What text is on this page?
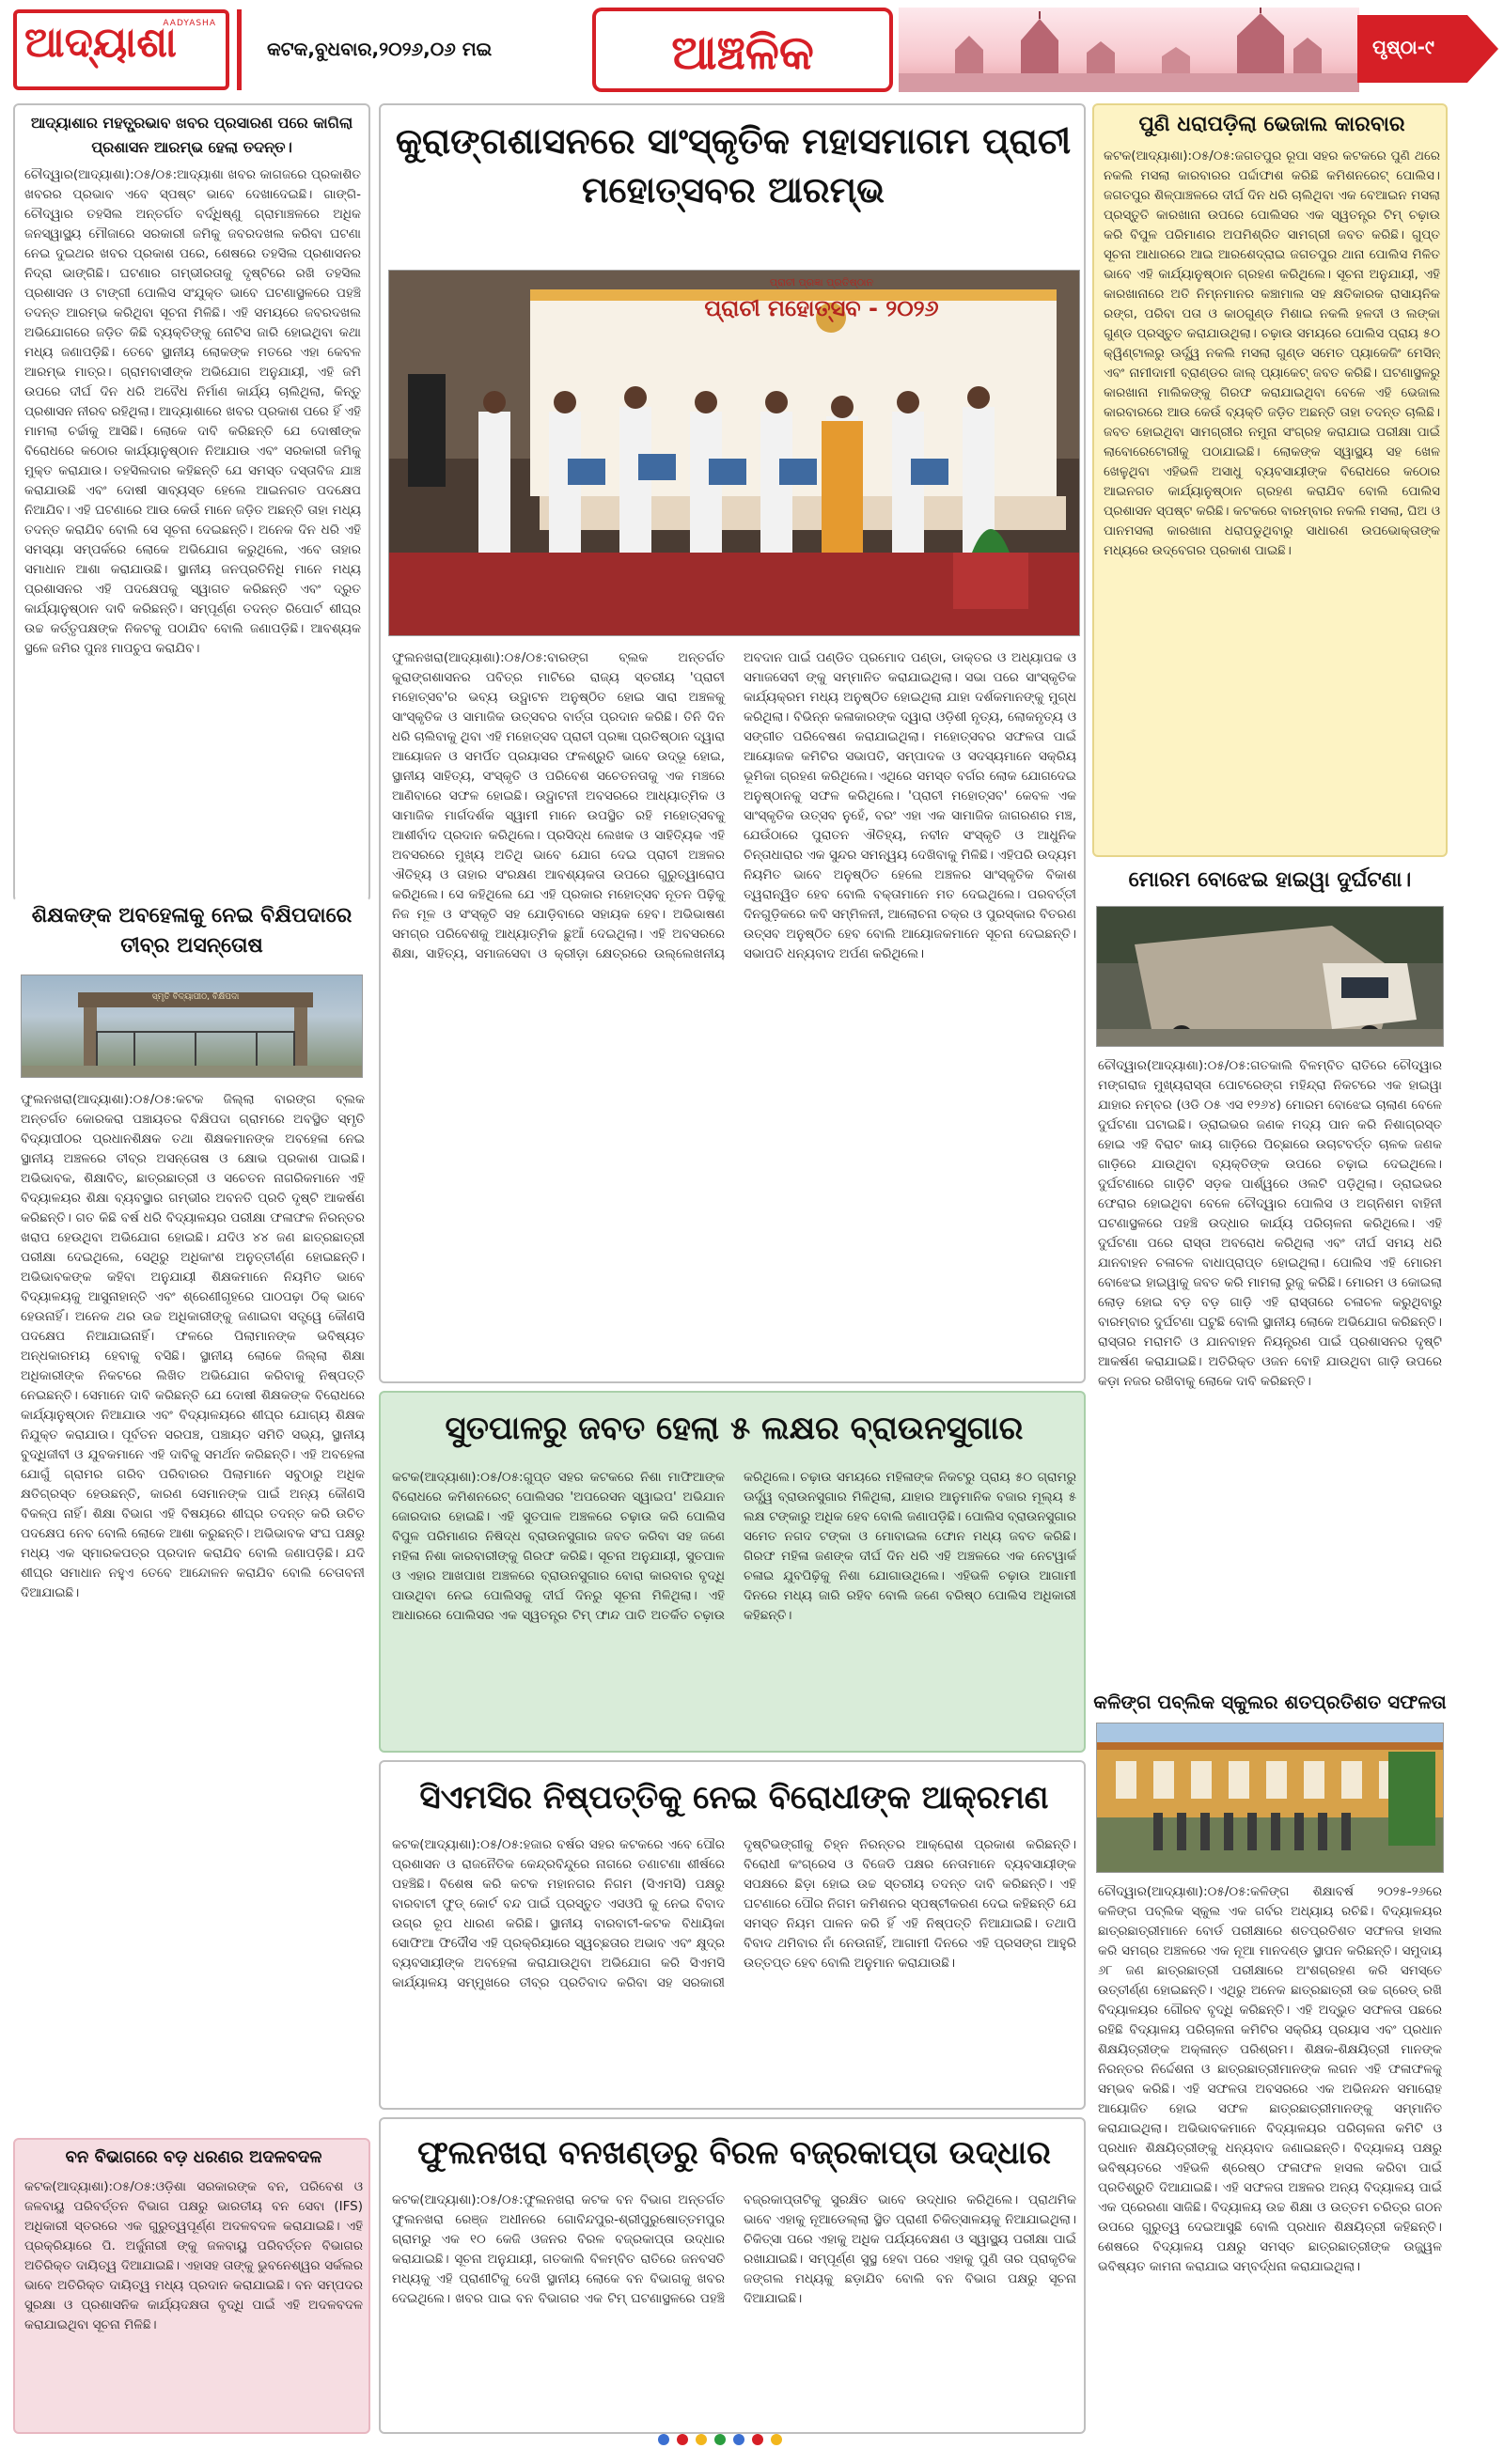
ଆଦ୍ୟାଶା
AADYASHA
କଟକ,ବୁଧବାର,୨୦୨୬,୦୬ ମଇ	ଆଞ୍ଚଳିକ	ପୃଷ୍ଠା-୯
ଆଦ୍ୟାଶାର ମହତ୍ପ୍ରଭାବ ଖବର ପ୍ରସାରଣ ପରେ କାଗିଲା ପ୍ରଶାସନ ଆରମ୍ଭ ହେଲା ତଦନ୍ତ।
ଚୌଦ୍ୱାର(ଆଦ୍ୟାଶା):୦୫/୦୫:ଆଦ୍ୟାଶା ଖବର କାଗଜରେ ପ୍ରକାଶିତ ଖବରର ପ୍ରଭାବ ଏବେ ସ୍ପଷ୍ଟ ଭାବେ ଦେଖାଦେଇଛି। ଗାଙ୍ଗି-ଚୌଦ୍ୱାର ତହସିଲ ଅନ୍ତର୍ଗତ ବର୍ଦ୍ଧିଷ୍ଣୁ ଗ୍ରାମାଞ୍ଚଳରେ ଅଧିକ ଜନସ୍ୱାସ୍ଥ୍ୟ ମୌଜାରେ ସରକାରୀ ଜମିକୁ ଜବରଦଖଲ କରିବା ଘଟଣା ନେଇ ଦୁଇଥର ଖବର ପ୍ରକାଶ ପରେ, ଶେଷରେ ତହସିଲ ପ୍ରଶାସନର ନିଦ୍ରା ଭାଙ୍ଗିଛି। ଘଟଣାର ଗମ୍ଭୀରତାକୁ ଦୃଷ୍ଟିରେ ରଖି ତହସିଲ ପ୍ରଶାସନ ଓ ଟାଙ୍ଗୀ ପୋଲିସ ସଂଯୁକ୍ତ ଭାବେ ଘଟଣାସ୍ଥଳରେ ପହଞ୍ଚି ତଦନ୍ତ ଆରମ୍ଭ କରିଥିବା ସୂଚନା ମିଳିଛି। ଏହି ସମୟରେ ଜବରଦଖଲ ଅଭିଯୋଗରେ ଜଡ଼ିତ କିଛି ବ୍ୟକ୍ତିଙ୍କୁ ନୋଟିସ ଜାରି ହୋଇଥିବା କଥା ମଧ୍ୟ ଜଣାପଡ଼ିଛି। ତେବେ ସ୍ଥାନୀୟ ଲୋକଙ୍କ ମତରେ ଏହା କେବଳ ଆରମ୍ଭ ମାତ୍ର। ଗ୍ରାମବାସୀଙ୍କ ଅଭିଯୋଗ ଅନୁଯାୟୀ, ଏହି ଜମି ଉପରେ ଦୀର୍ଘ ଦିନ ଧରି ଅବୈଧ ନିର୍ମାଣ କାର୍ଯ୍ୟ ଚାଲିଥିଲା, କିନ୍ତୁ ପ୍ରଶାସନ ନୀରବ ରହିଥିଲା। ଆଦ୍ୟାଶାରେ ଖବର ପ୍ରକାଶ ପରେ ହିଁ ଏହି ମାମଲା ଚର୍ଚ୍ଚାକୁ ଆସିଛି। ଲୋକେ ଦାବି କରିଛନ୍ତି ଯେ ଦୋଷୀଙ୍କ ବିରୋଧରେ କଠୋର କାର୍ଯ୍ୟାନୁଷ୍ଠାନ ନିଆଯାଉ ଏବଂ ସରକାରୀ ଜମିକୁ ମୁକ୍ତ କରାଯାଉ। ତହସିଲଦାର କହିଛନ୍ତି ଯେ ସମସ୍ତ ଦସ୍ତାବିଜ ଯାଞ୍ଚ କରାଯାଉଛି ଏବଂ ଦୋଷୀ ସାବ୍ୟସ୍ତ ହେଲେ ଆଇନଗତ ପଦକ୍ଷେପ ନିଆଯିବ। ଏହି ଘଟଣାରେ ଆଉ କେଉଁ ମାନେ ଜଡ଼ିତ ଅଛନ୍ତି ତାହା ମଧ୍ୟ ତଦନ୍ତ କରାଯିବ ବୋଲି ସେ ସୂଚନା ଦେଇଛନ୍ତି। ଅନେକ ଦିନ ଧରି ଏହି ସମସ୍ୟା ସମ୍ପର୍କରେ ଲୋକେ ଅଭିଯୋଗ କରୁଥିଲେ, ଏବେ ତାହାର ସମାଧାନ ଆଶା କରାଯାଉଛି। ସ୍ଥାନୀୟ ଜନପ୍ରତିନିଧି ମାନେ ମଧ୍ୟ ପ୍ରଶାସନର ଏହି ପଦକ୍ଷେପକୁ ସ୍ୱାଗତ କରିଛନ୍ତି ଏବଂ ଦ୍ରୁତ କାର୍ଯ୍ୟାନୁଷ୍ଠାନ ଦାବି କରିଛନ୍ତି। ସମ୍ପୂର୍ଣ୍ଣ ତଦନ୍ତ ରିପୋର୍ଟ ଶୀଘ୍ର ଉଚ୍ଚ କର୍ତ୍ତୃପକ୍ଷଙ୍କ ନିକଟକୁ ପଠାଯିବ ବୋଲି ଜଣାପଡ଼ିଛି। ଆବଶ୍ୟକ ସ୍ଥଳେ ଜମିର ପୁନଃ ମାପଚୁପ କରାଯିବ।
ଶିକ୍ଷକଙ୍କ ଅବହେଳାକୁ ନେଇ ବିକ୍ଷିପଦାରେ ତୀବ୍ର ଅସନ୍ତୋଷ
ସ୍ମୃତି ବିଦ୍ୟାପୀଠ, ବିକ୍ଷିପଦା
ଫୁଲନଖରା(ଆଦ୍ୟାଶା):୦୫/୦୫:କଟକ ଜିଲ୍ଲା ବାରଙ୍ଗ ବ୍ଲକ ଅନ୍ତର୍ଗତ କୋରକରା ପଞ୍ଚାୟତର ବିକ୍ଷିପଦା ଗ୍ରାମରେ ଅବସ୍ଥିତ ସ୍ମୃତି ବିଦ୍ୟାପୀଠର ପ୍ରଧାନଶିକ୍ଷକ ତଥା ଶିକ୍ଷକମାନଙ୍କ ଅବହେଳା ନେଇ ସ୍ଥାନୀୟ ଅଞ୍ଚଳରେ ତୀବ୍ର ଅସନ୍ତୋଷ ଓ କ୍ଷୋଭ ପ୍ରକାଶ ପାଇଛି। ଅଭିଭାବକ, ଶିକ୍ଷାବିତ୍, ଛାତ୍ରଛାତ୍ରୀ ଓ ସଚେତନ ନାଗରିକମାନେ ଏହି ବିଦ୍ୟାଳୟର ଶିକ୍ଷା ବ୍ୟବସ୍ଥାର ଗମ୍ଭୀର ଅବନତି ପ୍ରତି ଦୃଷ୍ଟି ଆକର୍ଷଣ କରିଛନ୍ତି। ଗତ କିଛି ବର୍ଷ ଧରି ବିଦ୍ୟାଳୟର ପରୀକ୍ଷା ଫଳାଫଳ ନିରନ୍ତର ଖରାପ ହେଉଥିବା ଅଭିଯୋଗ ହୋଇଛି। ଯଦିଓ ୪୪ ଜଣ ଛାତ୍ରଛାତ୍ରୀ ପରୀକ୍ଷା ଦେଇଥିଲେ, ସେଥିରୁ ଅଧିକାଂଶ ଅନୁତ୍ତୀର୍ଣ୍ଣ ହୋଇଛନ୍ତି। ଅଭିଭାବକଙ୍କ କହିବା ଅନୁଯାୟୀ ଶିକ୍ଷକମାନେ ନିୟମିତ ଭାବେ ବିଦ୍ୟାଳୟକୁ ଆସୁନାହାନ୍ତି ଏବଂ ଶ୍ରେଣୀଗୃହରେ ପାଠପଢ଼ା ଠିକ୍ ଭାବେ ହେଉନାହିଁ। ଅନେକ ଥର ଉଚ୍ଚ ଅଧିକାରୀଙ୍କୁ ଜଣାଇବା ସତ୍ତ୍ୱେ କୌଣସି ପଦକ୍ଷେପ ନିଆଯାଇନାହିଁ। ଫଳରେ ପିଲାମାନଙ୍କ ଭବିଷ୍ୟତ ଅନ୍ଧକାରମୟ ହେବାକୁ ବସିଛି। ସ୍ଥାନୀୟ ଲୋକେ ଜିଲ୍ଲା ଶିକ୍ଷା ଅଧିକାରୀଙ୍କ ନିକଟରେ ଲିଖିତ ଅଭିଯୋଗ କରିବାକୁ ନିଷ୍ପତ୍ତି ନେଇଛନ୍ତି। ସେମାନେ ଦାବି କରିଛନ୍ତି ଯେ ଦୋଷୀ ଶିକ୍ଷକଙ୍କ ବିରୋଧରେ କାର୍ଯ୍ୟାନୁଷ୍ଠାନ ନିଆଯାଉ ଏବଂ ବିଦ୍ୟାଳୟରେ ଶୀଘ୍ର ଯୋଗ୍ୟ ଶିକ୍ଷକ ନିଯୁକ୍ତ କରାଯାଉ। ପୂର୍ବତନ ସରପଞ୍ଚ, ପଞ୍ଚାୟତ ସମିତି ସଭ୍ୟ, ସ୍ଥାନୀୟ ବୁଦ୍ଧିଜୀବୀ ଓ ଯୁବକମାନେ ଏହି ଦାବିକୁ ସମର୍ଥନ କରିଛନ୍ତି। ଏହି ଅବହେଳା ଯୋଗୁଁ ଗ୍ରାମର ଗରିବ ପରିବାରର ପିଲାମାନେ ସବୁଠାରୁ ଅଧିକ କ୍ଷତିଗ୍ରସ୍ତ ହେଉଛନ୍ତି, କାରଣ ସେମାନଙ୍କ ପାଇଁ ଅନ୍ୟ କୌଣସି ବିକଳ୍ପ ନାହିଁ। ଶିକ୍ଷା ବିଭାଗ ଏହି ବିଷୟରେ ଶୀଘ୍ର ତଦନ୍ତ କରି ଉଚିତ ପଦକ୍ଷେପ ନେବ ବୋଲି ଲୋକେ ଆଶା କରୁଛନ୍ତି। ଅଭିଭାବକ ସଂଘ ପକ୍ଷରୁ ମଧ୍ୟ ଏକ ସ୍ମାରକପତ୍ର ପ୍ରଦାନ କରାଯିବ ବୋଲି ଜଣାପଡ଼ିଛି। ଯଦି ଶୀଘ୍ର ସମାଧାନ ନହୁଏ ତେବେ ଆନ୍ଦୋଳନ କରାଯିବ ବୋଲି ଚେତାବନୀ ଦିଆଯାଇଛି।
ବନ ବିଭାଗରେ ବଡ଼ ଧରଣର ଅଦଳବଦଳ
କଟକ(ଆଦ୍ୟାଶା):୦୫/୦୫:ଓଡ଼ିଶା ସରକାରଙ୍କ ବନ, ପରିବେଶ ଓ ଜଳବାୟୁ ପରିବର୍ତ୍ତନ ବିଭାଗ ପକ୍ଷରୁ ଭାରତୀୟ ବନ ସେବା (IFS) ଅଧିକାରୀ ସ୍ତରରେ ଏକ ଗୁରୁତ୍ୱପୂର୍ଣ୍ଣ ଅଦଳବଦଳ କରାଯାଇଛି। ଏହି ପ୍ରକ୍ରିୟାରେ ପି. ଅର୍ଜୁନାରୀ ଙ୍କୁ ଜଳବାୟୁ ପରିବର୍ତ୍ତନ ବିଭାଗର ଅତିରିକ୍ତ ଦାୟିତ୍ୱ ଦିଆଯାଇଛି। ଏହାସହ ତାଙ୍କୁ ଭୁବନେଶ୍ୱର ସର୍କଲର ଭାବେ ଅତିରିକ୍ତ ଦାୟିତ୍ୱ ମଧ୍ୟ ପ୍ରଦାନ କରାଯାଇଛି। ବନ ସମ୍ପଦର ସୁରକ୍ଷା ଓ ପ୍ରଶାସନିକ କାର୍ଯ୍ୟଦକ୍ଷତା ବୃଦ୍ଧି ପାଇଁ ଏହି ଅଦଳବଦଳ କରାଯାଇଥିବା ସୂଚନା ମିଳିଛି।
କୁରାଙ୍ଗଶାସନରେ ସାଂସ୍କୃତିକ ମହାସମାଗମ ପ୍ରାଚୀ ମହୋତ୍ସବର ଆରମ୍ଭ
ପ୍ରାଚୀ ମହୋତ୍ସବ - ୨୦୨୬
ପ୍ରାଚୀ ପ୍ରଜ୍ଞା ପ୍ରତିଷ୍ଠାନ
ଫୁଲନଖରା(ଆଦ୍ୟାଶା):୦୫/୦୫:ବାରଙ୍ଗ ବ୍ଲକ ଅନ୍ତର୍ଗତ କୁରାଙ୍ଗଶାସନର ପବିତ୍ର ମାଟିରେ ରାଜ୍ୟ ସ୍ତରୀୟ 'ପ୍ରାଚୀ ମହୋତ୍ସବ'ର ଭବ୍ୟ ଉଦ୍ଘାଟନ ଅନୁଷ୍ଠିତ ହୋଇ ସାରା ଅଞ୍ଚଳକୁ ସାଂସ୍କୃତିକ ଓ ସାମାଜିକ ଉତ୍ସବର ବାର୍ତ୍ତା ପ୍ରଦାନ କରିଛି। ତିନି ଦିନ ଧରି ଚାଲିବାକୁ ଥିବା ଏହି ମହୋତ୍ସବ ପ୍ରାଚୀ ପ୍ରଜ୍ଞା ପ୍ରତିଷ୍ଠାନ ଦ୍ୱାରା ଆୟୋଜନ ଓ ସମର୍ପିତ ପ୍ରୟାସର ଫଳଶ୍ରୁତି ଭାବେ ଉଦ୍ଭୂ ହୋଇ, ସ୍ଥାନୀୟ ସାହିତ୍ୟ, ସଂସ୍କୃତି ଓ ପରିବେଶ ସଚେତନତାକୁ ଏକ ମଞ୍ଚରେ ଆଣିବାରେ ସଫଳ ହୋଇଛି। ଉଦ୍ଘାଟନୀ ଅବସରରେ ଆଧ୍ୟାତ୍ମିକ ଓ ସାମାଜିକ ମାର୍ଗଦର୍ଶକ ସ୍ୱାମୀ ମାନେ ଉପସ୍ଥିତ ରହି ମହୋତ୍ସବକୁ ଆଶୀର୍ବାଦ ପ୍ରଦାନ କରିଥିଲେ। ପ୍ରସିଦ୍ଧ ଲେଖକ ଓ ସାହିତ୍ୟିକ ଏହି ଅବସରରେ ମୁଖ୍ୟ ଅତିଥି ଭାବେ ଯୋଗ ଦେଇ ପ୍ରାଚୀ ଅଞ୍ଚଳର ଐତିହ୍ୟ ଓ ତାହାର ସଂରକ୍ଷଣ ଆବଶ୍ୟକତା ଉପରେ ଗୁରୁତ୍ୱାରୋପ କରିଥିଲେ। ସେ କହିଥିଲେ ଯେ ଏହି ପ୍ରକାର ମହୋତ୍ସବ ନୂତନ ପିଢ଼ିକୁ ନିଜ ମୂଳ ଓ ସଂସ୍କୃତି ସହ ଯୋଡ଼ିବାରେ ସହାୟକ ହେବ। ଅଭିଭାଷଣ ସମଗ୍ର ପରିବେଶକୁ ଆଧ୍ୟାତ୍ମିକ ଛୁଆଁ ଦେଇଥିଲା। ଏହି ଅବସରରେ ଶିକ୍ଷା, ସାହିତ୍ୟ, ସମାଜସେବା ଓ କ୍ରୀଡ଼ା କ୍ଷେତ୍ରରେ ଉଲ୍ଲେଖନୀୟ ଅବଦାନ ପାଇଁ ପଣ୍ଡିତ ପ୍ରମୋଦ ପଣ୍ଡା, ଡାକ୍ତର ଓ ଅଧ୍ୟାପକ ଓ ସମାଜସେବୀ ଙ୍କୁ ସମ୍ମାନିତ କରାଯାଇଥିଲା। ସଭା ପରେ ସାଂସ୍କୃତିକ କାର୍ଯ୍ୟକ୍ରମ ମଧ୍ୟ ଅନୁଷ୍ଠିତ ହୋଇଥିଲା ଯାହା ଦର୍ଶକମାନଙ୍କୁ ମୁଗ୍ଧ କରିଥିଲା। ବିଭିନ୍ନ କଳାକାରଙ୍କ ଦ୍ୱାରା ଓଡ଼ିଶୀ ନୃତ୍ୟ, ଲୋକନୃତ୍ୟ ଓ ସଙ୍ଗୀତ ପରିବେଷଣ କରାଯାଇଥିଲା। ମହୋତ୍ସବର ସଫଳତା ପାଇଁ ଆୟୋଜକ କମିଟିର ସଭାପତି, ସମ୍ପାଦକ ଓ ସଦସ୍ୟମାନେ ସକ୍ରିୟ ଭୂମିକା ଗ୍ରହଣ କରିଥିଲେ। ଏଥିରେ ସମସ୍ତ ବର୍ଗର ଲୋକ ଯୋଗଦେଇ ଅନୁଷ୍ଠାନକୁ ସଫଳ କରିଥିଲେ। 'ପ୍ରାଚୀ ମହୋତ୍ସବ' କେବଳ ଏକ ସାଂସ୍କୃତିକ ଉତ୍ସବ ନୁହେଁ, ବରଂ ଏହା ଏକ ସାମାଜିକ ଜାଗରଣର ମଞ୍ଚ, ଯେଉଁଠାରେ ପୁରାତନ ଐତିହ୍ୟ, ନବୀନ ସଂସ୍କୃତି ଓ ଆଧୁନିକ ଚିନ୍ତାଧାରାର ଏକ ସୁନ୍ଦର ସମନ୍ୱୟ ଦେଖିବାକୁ ମିଳିଛି। ଏହିପରି ଉଦ୍ୟମ ନିୟମିତ ଭାବେ ଅନୁଷ୍ଠିତ ହେଲେ ଅଞ୍ଚଳର ସାଂସ୍କୃତିକ ବିକାଶ ତ୍ୱରାନ୍ୱିତ ହେବ ବୋଲି ବକ୍ତାମାନେ ମତ ଦେଇଥିଲେ। ପରବର୍ତ୍ତୀ ଦିନଗୁଡ଼ିକରେ କବି ସମ୍ମିଳନୀ, ଆଲୋଚନା ଚକ୍ର ଓ ପୁରସ୍କାର ବିତରଣ ଉତ୍ସବ ଅନୁଷ୍ଠିତ ହେବ ବୋଲି ଆୟୋଜକମାନେ ସୂଚନା ଦେଇଛନ୍ତି। ସଭାପତି ଧନ୍ୟବାଦ ଅର୍ପଣ କରିଥିଲେ।
ସୁତପାଳରୁ ଜବତ ହେଲା ୫ ଲକ୍ଷର ବ୍ରାଉନସୁଗାର
କଟକ(ଆଦ୍ୟାଶା):୦୫/୦୫:ଗୁପ୍ତ ସହର କଟକରେ ନିଶା ମାଫିଆଙ୍କ ବିରୋଧରେ କମିଶନରେଟ୍ ପୋଲିସର 'ଅପରେସନ ସ୍ୱାଇପ' ଅଭିଯାନ ଜୋରଦାର ହୋଇଛି। ଏହି ସୁତପାଳ ଅଞ୍ଚଳରେ ଚଢ଼ାଉ କରି ପୋଲିସ ବିପୁଳ ପରିମାଣର ନିଷିଦ୍ଧ ବ୍ରାଉନସୁଗାର ଜବତ କରିବା ସହ ଜଣେ ମହିଳା ନିଶା କାରବାରୀଙ୍କୁ ଗିରଫ କରିଛି। ସୂଚନା ଅନୁଯାୟୀ, ସୁତପାଳ ଓ ଏହାର ଆଖପାଖ ଅଞ୍ଚଳରେ ବ୍ରାଉନସୁଗାର ବୋରା କାରବାର ବୃଦ୍ଧି ପାଉଥିବା ନେଇ ପୋଲିସକୁ ଦୀର୍ଘ ଦିନରୁ ସୂଚନା ମିଳିଥିଲା। ଏହି ଆଧାରରେ ପୋଲିସର ଏକ ସ୍ୱତନ୍ତ୍ର ଟିମ୍ ଫାନ୍ଦ ପାତି ଅତର୍କିତ ଚଢ଼ାଉ କରିଥିଲେ। ଚଢ଼ାଉ ସମୟରେ ମହିଳାଙ୍କ ନିକଟରୁ ପ୍ରାୟ ୫୦ ଗ୍ରାମରୁ ଊର୍ଦ୍ଧ୍ୱ ବ୍ରାଉନସୁଗାର ମିଳିଥିଲା, ଯାହାର ଆନୁମାନିକ ବଜାର ମୂଲ୍ୟ ୫ ଲକ୍ଷ ଟଙ୍କାରୁ ଅଧିକ ହେବ ବୋଲି ଜଣାପଡ଼ିଛି। ପୋଲିସ ବ୍ରାଉନସୁଗାର ସମେତ ନଗଦ ଟଙ୍କା ଓ ମୋବାଇଲ ଫୋନ ମଧ୍ୟ ଜବତ କରିଛି। ଗିରଫ ମହିଳା ଜଣଙ୍କ ଦୀର୍ଘ ଦିନ ଧରି ଏହି ଅଞ୍ଚଳରେ ଏକ ନେଟୱାର୍କ ଚଳାଇ ଯୁବପିଢ଼ିକୁ ନିଶା ଯୋଗାଉଥିଲେ। ଏହିଭଳି ଚଢ଼ାଉ ଆଗାମୀ ଦିନରେ ମଧ୍ୟ ଜାରି ରହିବ ବୋଲି ଜଣେ ବରିଷ୍ଠ ପୋଲିସ ଅଧିକାରୀ କହିଛନ୍ତି।
ସିଏମସିର ନିଷ୍ପତ୍ତିକୁ ନେଇ ବିରୋଧୀଙ୍କ ଆକ୍ରମଣ
କଟକ(ଆଦ୍ୟାଶା):୦୫/୦୫:ହଜାର ବର୍ଷର ସହର କଟକରେ ଏବେ ପୌର ପ୍ରଶାସନ ଓ ରାଜନୈତିକ କେନ୍ଦ୍ରବିନ୍ଦୁରେ ନାଗରେ ତଣାଟଣା ଶୀର୍ଷରେ ପହଞ୍ଚିଛି। ବିଶେଷ କରି କଟକ ମହାନଗର ନିଗମ (ସିଏମସି) ପକ୍ଷରୁ ବାରବାଟୀ ଫୁଡ୍ କୋର୍ଟ ବନ୍ଦ ପାଇଁ ପ୍ରସ୍ତୁତ ଏସଓପି କୁ ନେଇ ବିବାଦ ଉଗ୍ର ରୂପ ଧାରଣ କରିଛି। ସ୍ଥାନୀୟ ବାରବାଟୀ-କଟକ ବିଧାୟିକା ସୋଫିଆ ଫିର୍ଦୌସ ଏହି ପ୍ରକ୍ରିୟାରେ ସ୍ୱଚ୍ଛତାର ଅଭାବ ଏବଂ କ୍ଷୁଦ୍ର ବ୍ୟବସାୟୀଙ୍କ ଅବହେଳା କରାଯାଉଥିବା ଅଭିଯୋଗ କରି ସିଏମସି କାର୍ଯ୍ୟାଳୟ ସମ୍ମୁଖରେ ତୀବ୍ର ପ୍ରତିବାଦ କରିବା ସହ ସରକାରୀ ଦୃଷ୍ଟିଭଙ୍ଗୀକୁ ଚିହ୍ନ ନିରନ୍ତର ଆକ୍ରୋଶ ପ୍ରକାଶ କରିଛନ୍ତି। ବିରୋଧୀ କଂଗ୍ରେସ ଓ ବିଜେଡି ପକ୍ଷର ନେତାମାନେ ବ୍ୟବସାୟୀଙ୍କ ସପକ୍ଷରେ ଛିଡ଼ା ହୋଇ ଉଚ୍ଚ ସ୍ତରୀୟ ତଦନ୍ତ ଦାବି କରିଛନ୍ତି। ଏହି ଘଟଣାରେ ପୌର ନିଗମ କମିଶନର ସ୍ପଷ୍ଟୀକରଣ ଦେଇ କହିଛନ୍ତି ଯେ ସମସ୍ତ ନିୟମ ପାଳନ କରି ହିଁ ଏହି ନିଷ୍ପତ୍ତି ନିଆଯାଇଛି। ତଥାପି ବିବାଦ ଥମିବାର ନାଁ ନେଉନାହିଁ, ଆଗାମୀ ଦିନରେ ଏହି ପ୍ରସଙ୍ଗ ଆହୁରି ଉତ୍ତପ୍ତ ହେବ ବୋଲି ଅନୁମାନ କରାଯାଉଛି।
ଫୁଲନଖରା ବନଖଣ୍ଡରୁ ବିରଳ ବଜ୍ରକାପ୍ତା ଉଦ୍ଧାର
କଟକ(ଆଦ୍ୟାଶା):୦୫/୦୫:ଫୁଲନଖରା କଟକ ବନ ବିଭାଗ ଅନ୍ତର୍ଗତ ଫୁଲନଖରା ରେଞ୍ଜ ଅଧୀନରେ ଗୋବିନ୍ଦପୁର-ଶ୍ରୀପୁରୁଷୋତ୍ତମପୁର ଗ୍ରାମରୁ ଏକ ୧୦ କେଜି ଓଜନର ବିରଳ ବଜ୍ରକାପ୍ତା ଉଦ୍ଧାର କରାଯାଇଛି। ସୂଚନା ଅନୁଯାୟୀ, ଗତକାଲି ବିଳମ୍ବିତ ରାତିରେ ଜନବସତି ମଧ୍ୟକୁ ଏହି ପ୍ରାଣୀଟିକୁ ଦେଖି ସ୍ଥାନୀୟ ଲୋକେ ବନ ବିଭାଗକୁ ଖବର ଦେଇଥିଲେ। ଖବର ପାଇ ବନ ବିଭାଗର ଏକ ଟିମ୍ ଘଟଣାସ୍ଥଳରେ ପହଞ୍ଚି ବଜ୍ରକାପ୍ତାଟିକୁ ସୁରକ୍ଷିତ ଭାବେ ଉଦ୍ଧାର କରିଥିଲେ। ପ୍ରାଥମିକ ଭାବେ ଏହାକୁ ନୂଆଡେଲ୍ଲା ସ୍ଥିତ ପ୍ରାଣୀ ଚିକିତ୍ସାଳୟକୁ ନିଆଯାଇଥିଲା। ଚିକିତ୍ସା ପରେ ଏହାକୁ ଅଧିକ ପର୍ଯ୍ୟବେକ୍ଷଣ ଓ ସ୍ୱାସ୍ଥ୍ୟ ପରୀକ୍ଷା ପାଇଁ ରଖାଯାଇଛି। ସମ୍ପୂର୍ଣ୍ଣ ସୁସ୍ଥ ହେବା ପରେ ଏହାକୁ ପୁଣି ତାର ପ୍ରାକୃତିକ ଜଙ୍ଗଲ ମଧ୍ୟକୁ ଛଡ଼ାଯିବ ବୋଲି ବନ ବିଭାଗ ପକ୍ଷରୁ ସୂଚନା ଦିଆଯାଇଛି।
ପୁଣି ଧରାପଡ଼ିଲା ଭେଜାଲ କାରବାର
କଟକ(ଆଦ୍ୟାଶା):୦୫/୦୫:ଜଗତପୁର ରୂପା ସହର କଟକରେ ପୁଣି ଥରେ ନକଲି ମସଲା କାରବାରର ପର୍ଦ୍ଦାଫାଶ କରିଛି କମିଶନରେଟ୍ ପୋଲିସ। ଜଗତପୁର ଶିଳ୍ପାଞ୍ଚଳରେ ଦୀର୍ଘ ଦିନ ଧରି ଚାଲିଥିବା ଏକ ବେଆଇନ ମସଲା ପ୍ରସ୍ତୁତି କାରଖାନା ଉପରେ ପୋଲିସର ଏକ ସ୍ୱତନ୍ତ୍ର ଟିମ୍ ଚଢ଼ାଉ କରି ବିପୁଳ ପରିମାଣର ଅପମିଶ୍ରିତ ସାମଗ୍ରୀ ଜବତ କରିଛି। ଗୁପ୍ତ ସୂଚନା ଆଧାରରେ ଆଇ ଆରଶେଦ୍ରାଇ ଜଗତପୁର ଥାନା ପୋଲିସ ମିଳିତ ଭାବେ ଏହି କାର୍ଯ୍ୟାନୁଷ୍ଠାନ ଗ୍ରହଣ କରିଥିଲେ। ସୂଚନା ଅନୁଯାୟୀ, ଏହି କାରଖାନାରେ ଅତି ନିମ୍ନମାନର କଞ୍ଚାମାଲ ସହ କ୍ଷତିକାରକ ରାସାୟନିକ ରଙ୍ଗ, ପରିବା ପତା ଓ କାଠଗୁଣ୍ଡ ମିଶାଇ ନକଲି ହଳଦୀ ଓ ଲଙ୍କା ଗୁଣ୍ଡ ପ୍ରସ୍ତୁତ କରାଯାଉଥିଲା। ଚଢ଼ାଉ ସମୟରେ ପୋଲିସ ପ୍ରାୟ ୫୦ କ୍ୱିଣ୍ଟାଲରୁ ଊର୍ଦ୍ଧ୍ୱ ନକଲି ମସଲା ଗୁଣ୍ଡ ସମେତ ପ୍ୟାକେଜିଂ ମେସିନ୍ ଏବଂ ନାମୀଦାମୀ ବ୍ରାଣ୍ଡର ଜାଲ୍ ପ୍ୟାକେଟ୍ ଜବତ କରିଛି। ଘଟଣାସ୍ଥଳରୁ କାରଖାନା ମାଲିକଙ୍କୁ ଗିରଫ କରାଯାଇଥିବା ବେଳେ ଏହି ଭେଜାଲ କାରବାରରେ ଆଉ କେଉଁ ବ୍ୟକ୍ତି ଜଡ଼ିତ ଅଛନ୍ତି ତାହା ତଦନ୍ତ ଚାଲିଛି। ଜବତ ହୋଇଥିବା ସାମଗ୍ରୀର ନମୁନା ସଂଗ୍ରହ କରାଯାଇ ପରୀକ୍ଷା ପାଇଁ ଲାବୋରେଟୋରୀକୁ ପଠାଯାଇଛି। ଲୋକଙ୍କ ସ୍ୱାସ୍ଥ୍ୟ ସହ ଖେଳ ଖେଳୁଥିବା ଏହିଭଳି ଅସାଧୁ ବ୍ୟବସାୟୀଙ୍କ ବିରୋଧରେ କଠୋର ଆଇନଗତ କାର୍ଯ୍ୟାନୁଷ୍ଠାନ ଗ୍ରହଣ କରାଯିବ ବୋଲି ପୋଲିସ ପ୍ରଶାସନ ସ୍ପଷ୍ଟ କରିଛି। କଟକରେ ବାରମ୍ବାର ନକଲି ମସଲା, ଘିଅ ଓ ପାନମସଲା କାରଖାନା ଧରାପଡୁଥିବାରୁ ସାଧାରଣ ଉପଭୋକ୍ତାଙ୍କ ମଧ୍ୟରେ ଉଦ୍ବେଗର ପ୍ରକାଶ ପାଇଛି।
ମୋରମ ବୋଝେଇ ହାଇୱା ଦୁର୍ଘଟଣା।
ଚୌଦ୍ୱାର(ଆଦ୍ୟାଶା):୦୫/୦୫:ଗତକାଲି ବିଳମ୍ବିତ ରାତିରେ ଚୌଦ୍ୱାର ମଙ୍ଗରାଜ ମୁଖ୍ୟରାସ୍ତା ପୋଟରେଙ୍ଗ ମହିନ୍ଦ୍ରା ନିକଟରେ ଏକ ହାଇୱା ଯାହାର ନମ୍ବର (ଓଡି ୦୫ ଏସ ୧୨୬୪) ମୋରମ ବୋଝେଇ ଚାଲାଣ ବେଳେ ଦୁର୍ଘଟଣା ଘଟାଇଛି। ଡ୍ରାଇଭର ଜଣକ ମଦ୍ୟ ପାନ କରି ନିଶାଗ୍ରସ୍ତ ହୋଇ ଏହି ବିରାଟ କାୟ ଗାଡ଼ିରେ ପିଚ୍ଛାରେ ଉଚାଟବର୍ତ୍ତ ଚାଳକ ଜଣକ ଗାଡ଼ିରେ ଯାଉଥିବା ବ୍ୟକ୍ତିଙ୍କ ଉପରେ ଚଢ଼ାଇ ଦେଇଥିଲେ। ଦୁର୍ଘଟଣାରେ ଗାଡ଼ିଟି ସଡ଼କ ପାର୍ଶ୍ୱରେ ଓଲଟି ପଡ଼ିଥିଲା। ଡ୍ରାଇଭର ଫେରାର ହୋଇଥିବା ବେଳେ ଚୌଦ୍ୱାର ପୋଲିସ ଓ ଅଗ୍ନିଶମ ବାହିନୀ ଘଟଣାସ୍ଥଳରେ ପହଞ୍ଚି ଉଦ୍ଧାର କାର୍ଯ୍ୟ ପରିଚାଳନା କରିଥିଲେ। ଏହି ଦୁର୍ଘଟଣା ପରେ ରାସ୍ତା ଅବରୋଧ କରିଥିଲା ଏବଂ ଦୀର୍ଘ ସମୟ ଧରି ଯାନବାହନ ଚଳାଚଳ ବାଧାପ୍ରାପ୍ତ ହୋଇଥିଲା। ପୋଲିସ ଏହି ମୋରମ ବୋଝେଇ ହାଇୱାକୁ ଜବତ କରି ମାମଲା ରୁଜୁ କରିଛି। ମୋରମ ଓ କୋଇଲା ଲୋଡ଼ ହୋଇ ବଡ଼ ବଡ଼ ଗାଡ଼ି ଏହି ରାସ୍ତାରେ ଚଳାଚଳ କରୁଥିବାରୁ ବାରମ୍ବାର ଦୁର୍ଘଟଣା ଘଟୁଛି ବୋଲି ସ୍ଥାନୀୟ ଲୋକେ ଅଭିଯୋଗ କରିଛନ୍ତି। ରାସ୍ତାର ମରାମତି ଓ ଯାନବାହନ ନିୟନ୍ତ୍ରଣ ପାଇଁ ପ୍ରଶାସନର ଦୃଷ୍ଟି ଆକର୍ଷଣ କରାଯାଇଛି। ଅତିରିକ୍ତ ଓଜନ ବୋହି ଯାଉଥିବା ଗାଡ଼ି ଉପରେ କଡ଼ା ନଜର ରଖିବାକୁ ଲୋକେ ଦାବି କରିଛନ୍ତି।
କଳିଙ୍ଗ ପବ୍ଲିକ ସ୍କୁଲର ଶତପ୍ରତିଶତ ସଫଳତା
ଚୌଦ୍ୱାର(ଆଦ୍ୟାଶା):୦୫/୦୫:କଳିଙ୍ଗ ଶିକ୍ଷାବର୍ଷ ୨୦୨୫-୨୬ରେ କଳିଙ୍ଗ ପବ୍ଲିକ ସ୍କୁଲ ଏକ ଗର୍ବର ଅଧ୍ୟାୟ ରଚିଛି। ବିଦ୍ୟାଳୟର ଛାତ୍ରଛାତ୍ରୀମାନେ ବୋର୍ଡ ପରୀକ୍ଷାରେ ଶତପ୍ରତିଶତ ସଫଳତା ହାସଲ କରି ସମଗ୍ର ଅଞ୍ଚଳରେ ଏକ ନୂଆ ମାନଦଣ୍ଡ ସ୍ଥାପନ କରିଛନ୍ତି। ସମୁଦାୟ ୬୮ ଜଣ ଛାତ୍ରଛାତ୍ରୀ ପରୀକ୍ଷାରେ ଅଂଶଗ୍ରହଣ କରି ସମସ୍ତେ ଉତ୍ତୀର୍ଣ୍ଣ ହୋଇଛନ୍ତି। ଏଥିରୁ ଅନେକ ଛାତ୍ରଛାତ୍ରୀ ଉଚ୍ଚ ଗ୍ରେଡ୍ ରଖି ବିଦ୍ୟାଳୟର ଗୌରବ ବୃଦ୍ଧି କରିଛନ୍ତି। ଏହି ଅଦ୍ଭୁତ ସଫଳତା ପଛରେ ରହିଛି ବିଦ୍ୟାଳୟ ପରିଚାଳନା କମିଟିର ସକ୍ରିୟ ପ୍ରୟାସ ଏବଂ ପ୍ରଧାନ ଶିକ୍ଷୟିତ୍ରୀଙ୍କ ଅକ୍ଳାନ୍ତ ପରିଶ୍ରମ। ଶିକ୍ଷକ-ଶିକ୍ଷୟିତ୍ରୀ ମାନଙ୍କ ନିରନ୍ତର ନିର୍ଦ୍ଦେଶନା ଓ ଛାତ୍ରଛାତ୍ରୀମାନଙ୍କ ଲଗନ ଏହି ଫଳାଫଳକୁ ସମ୍ଭବ କରିଛି। ଏହି ସଫଳତା ଅବସରରେ ଏକ ଅଭିନନ୍ଦନ ସମାରୋହ ଆୟୋଜିତ ହୋଇ ସଫଳ ଛାତ୍ରଛାତ୍ରୀମାନଙ୍କୁ ସମ୍ମାନିତ କରାଯାଇଥିଲା। ଅଭିଭାବକମାନେ ବିଦ୍ୟାଳୟର ପରିଚାଳନା କମିଟି ଓ ପ୍ରଧାନ ଶିକ୍ଷୟିତ୍ରୀଙ୍କୁ ଧନ୍ୟବାଦ ଜଣାଇଛନ୍ତି। ବିଦ୍ୟାଳୟ ପକ୍ଷରୁ ଭବିଷ୍ୟତରେ ଏହିଭଳି ଶ୍ରେଷ୍ଠ ଫଳାଫଳ ହାସଲ କରିବା ପାଇଁ ପ୍ରତିଶ୍ରୁତି ଦିଆଯାଇଛି। ଏହି ସଫଳତା ଅଞ୍ଚଳର ଅନ୍ୟ ବିଦ୍ୟାଳୟ ପାଇଁ ଏକ ପ୍ରେରଣା ସାଜିଛି। ବିଦ୍ୟାଳୟ ଉଚ୍ଚ ଶିକ୍ଷା ଓ ଉତ୍ତମ ଚରିତ୍ର ଗଠନ ଉପରେ ଗୁରୁତ୍ୱ ଦେଇଆସୁଛି ବୋଲି ପ୍ରଧାନ ଶିକ୍ଷୟିତ୍ରୀ କହିଛନ୍ତି। ଶେଷରେ ବିଦ୍ୟାଳୟ ପକ୍ଷରୁ ସମସ୍ତ ଛାତ୍ରଛାତ୍ରୀଙ୍କ ଉଜ୍ଜ୍ୱଳ ଭବିଷ୍ୟତ କାମନା କରାଯାଇ ସମ୍ବର୍ଦ୍ଧନା କରାଯାଇଥିଲା।
